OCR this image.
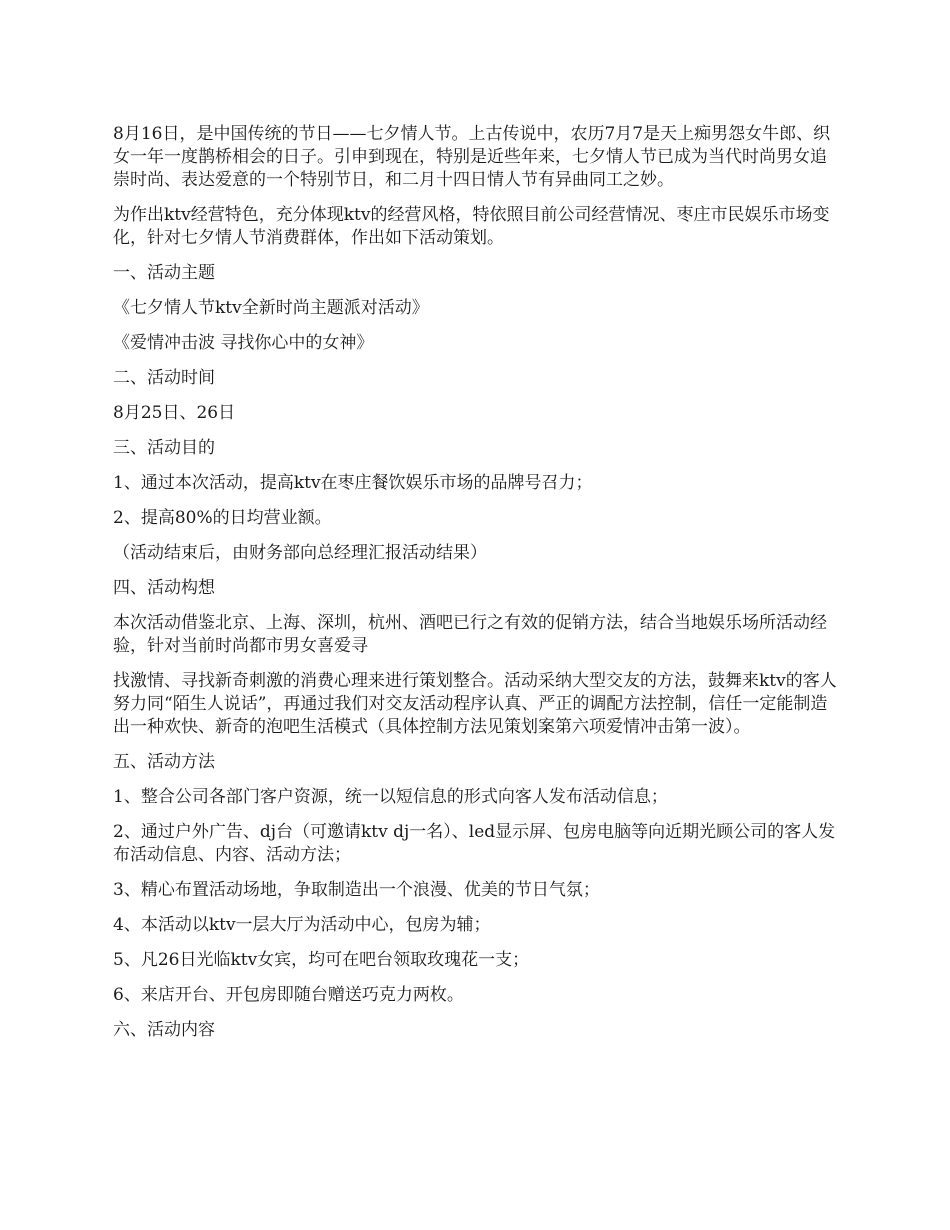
8月16日，是中国传统的节日——七夕情人节。上古传说中，农历7月7是天上痴男怨女牛郎、织女一年一度鹊桥相会的日子。引申到现在，特别是近些年来，七夕情人节已成为当代时尚男女追崇时尚、表达爱意的一个特别节日，和二月十四日情人节有异曲同工之妙。

为作出ktv经营特色，充分体现ktv的经营风格，特依照目前公司经营情况、枣庄市民娱乐市场变化，针对七夕情人节消费群体，作出如下活动策划。

一、活动主题

《七夕情人节ktv全新时尚主题派对活动》

《爱情冲击波 寻找你心中的女神》

二、活动时间

8月25日、26日

三、活动目的

1、通过本次活动，提高ktv在枣庄餐饮娱乐市场的品牌号召力；

2、提高80%的日均营业额。

（活动结束后，由财务部向总经理汇报活动结果）

四、活动构想

本次活动借鉴北京、上海、深圳，杭州、酒吧已行之有效的促销方法，结合当地娱乐场所活动经验，针对当前时尚都市男女喜爱寻

找激情、寻找新奇刺激的消费心理来进行策划整合。活动采纳大型交友的方法，鼓舞来ktv的客人努力同“陌生人说话”，再通过我们对交友活动程序认真、严正的调配方法控制，信任一定能制造出一种欢快、新奇的泡吧生活模式（具体控制方法见策划案第六项爱情冲击第一波）。

五、活动方法

1、整合公司各部门客户资源，统一以短信息的形式向客人发布活动信息；

2、通过户外广告、dj台（可邀请ktv dj一名）、led显示屏、包房电脑等向近期光顾公司的客人发布活动信息、内容、活动方法；

3、精心布置活动场地，争取制造出一个浪漫、优美的节日气氛；

4、本活动以ktv一层大厅为活动中心，包房为辅；

5、凡26日光临ktv女宾，均可在吧台领取玫瑰花一支；

6、来店开台、开包房即随台赠送巧克力两枚。

六、活动内容
